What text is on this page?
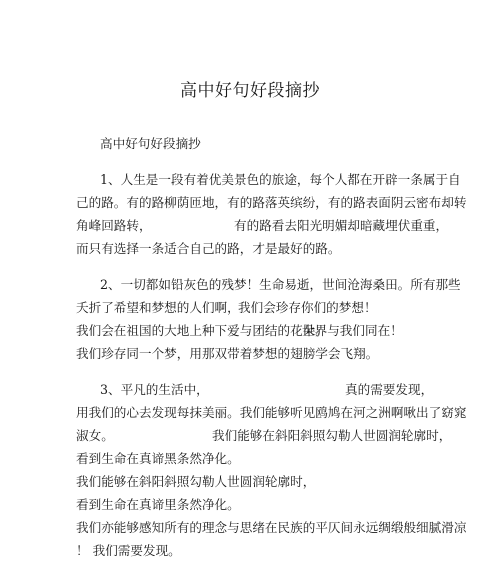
高中好句好段摘抄
高中好句好段摘抄
1、人生是一段有着优美景色的旅途，每个人都在开辟一条属于自
己的路。有的路柳荫匝地，有的路落英缤纷，有的路表面阴云密布却转
角峰回路转，	有的路看去阳光明媚却暗藏埋伏重重，
而只有选择一条适合自己的路，才是最好的路。
2、一切都如铅灰色的残梦！生命易逝，世间沧海桑田。所有那些
夭折了希望和梦想的人们啊，
我们会珍存你们的梦想！
我们会在祖国的大地上种下爱与团结的花朵。
世界与我们同在！
我们珍存同一个梦，用那双带着梦想的翅膀学会飞翔。
3、平凡的生活中，	真的需要发现，
用我们的心去发现每抹美丽。我们能够听见鸥鸠在河之洲啊啾出了窈窕
淑女。	我们能够在斜阳斜照勾勒人世圆润轮廓时，
看到生命在真谛黑条然净化。
我们能够在斜阳斜照勾勒人世圆润轮廓时，
看到生命在真谛里条然净化。
我们亦能够感知所有的理念与思绪在民族的平仄间永远绸缎般细腻滑凉
！ 我们需要发现。
